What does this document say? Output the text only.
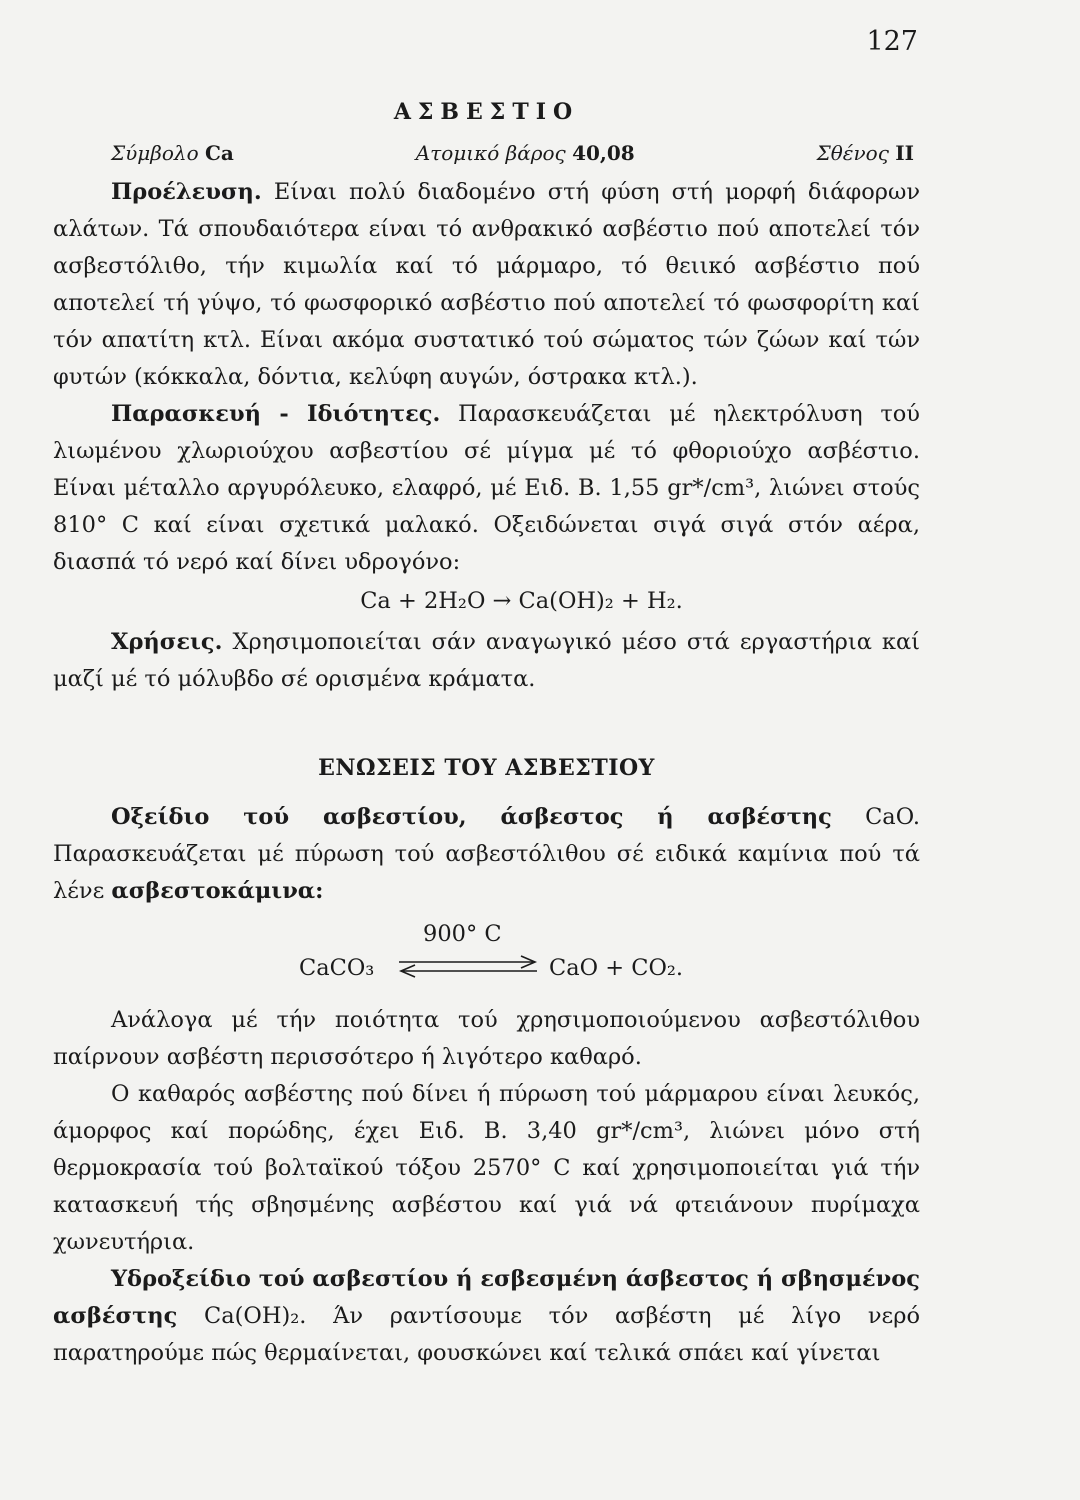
127
ΑΣΒΕΣΤΙΟ
Σύμβολο Ca	Ατομικό βάρος 40,08	Σθένος II

Προέλευση. Είναι πολύ διαδομένο στή φύση στή μορφή διάφορων αλάτων. Τά σπουδαιότερα είναι τό ανθρακικό ασβέστιο πού αποτελεί τόν ασβεστόλιθο, τήν κιμωλία καί τό μάρμαρο, τό θειικό ασβέστιο πού αποτελεί τή γύψο, τό φωσφορικό ασβέστιο πού αποτελεί τό φωσφορίτη καί τόν απατίτη κτλ. Είναι ακόμα συστατικό τού σώματος τών ζώων καί τών φυτών (κόκκαλα, δόντια, κελύφη αυγών, όστρακα κτλ.).

Παρασκευή - Ιδιότητες. Παρασκευάζεται μέ ηλεκτρόλυση τού λιωμένου χλωριούχου ασβεστίου σέ μίγμα μέ τό φθοριούχο ασβέστιο. Είναι μέταλλο αργυρόλευκο, ελαφρό, μέ Ειδ. Β. 1,55 gr*/cm³, λιώνει στούς 810° C καί είναι σχετικά μαλακό. Οξειδώνεται σιγά σιγά στόν αέρα, διασπά τό νερό καί δίνει υδρογόνο:

Ca + 2H₂O → Ca(OH)₂ + H₂.

Χρήσεις. Χρησιμοποιείται σάν αναγωγικό μέσο στά εργαστήρια καί μαζί μέ τό μόλυβδο σέ ορισμένα κράματα.

ΕΝΩΣΕΙΣ ΤΟΥ ΑΣΒΕΣΤΙΟΥ

Οξείδιο τού ασβεστίου, άσβεστος ή ασβέστης CaO. Παρασκευάζεται μέ πύρωση τού ασβεστόλιθου σέ ειδικά καμίνια πού τά λένε ασβεστοκάμινα:

900° C
CaCO₃	CaO + CO₂.

Ανάλογα μέ τήν ποιότητα τού χρησιμοποιούμενου ασβεστόλιθου παίρνουν ασβέστη περισσότερο ή λιγότερο καθαρό.

Ο καθαρός ασβέστης πού δίνει ή πύρωση τού μάρμαρου είναι λευκός, άμορφος καί πορώδης, έχει Ειδ. Β. 3,40 gr*/cm³, λιώνει μόνο στή θερμοκρασία τού βολταϊκού τόξου 2570° C καί χρησιμοποιείται γιά τήν κατασκευή τής σβησμένης ασβέστου καί γιά νά φτειάνουν πυρίμαχα χωνευτήρια.

Υδροξείδιο τού ασβεστίου ή εσβεσμένη άσβεστος ή σβησμένος ασβέστης Ca(OH)₂. Άν ραντίσουμε τόν ασβέστη μέ λίγο νερό παρατηρούμε πώς θερμαίνεται, φουσκώνει καί τελικά σπάει καί γίνεται
